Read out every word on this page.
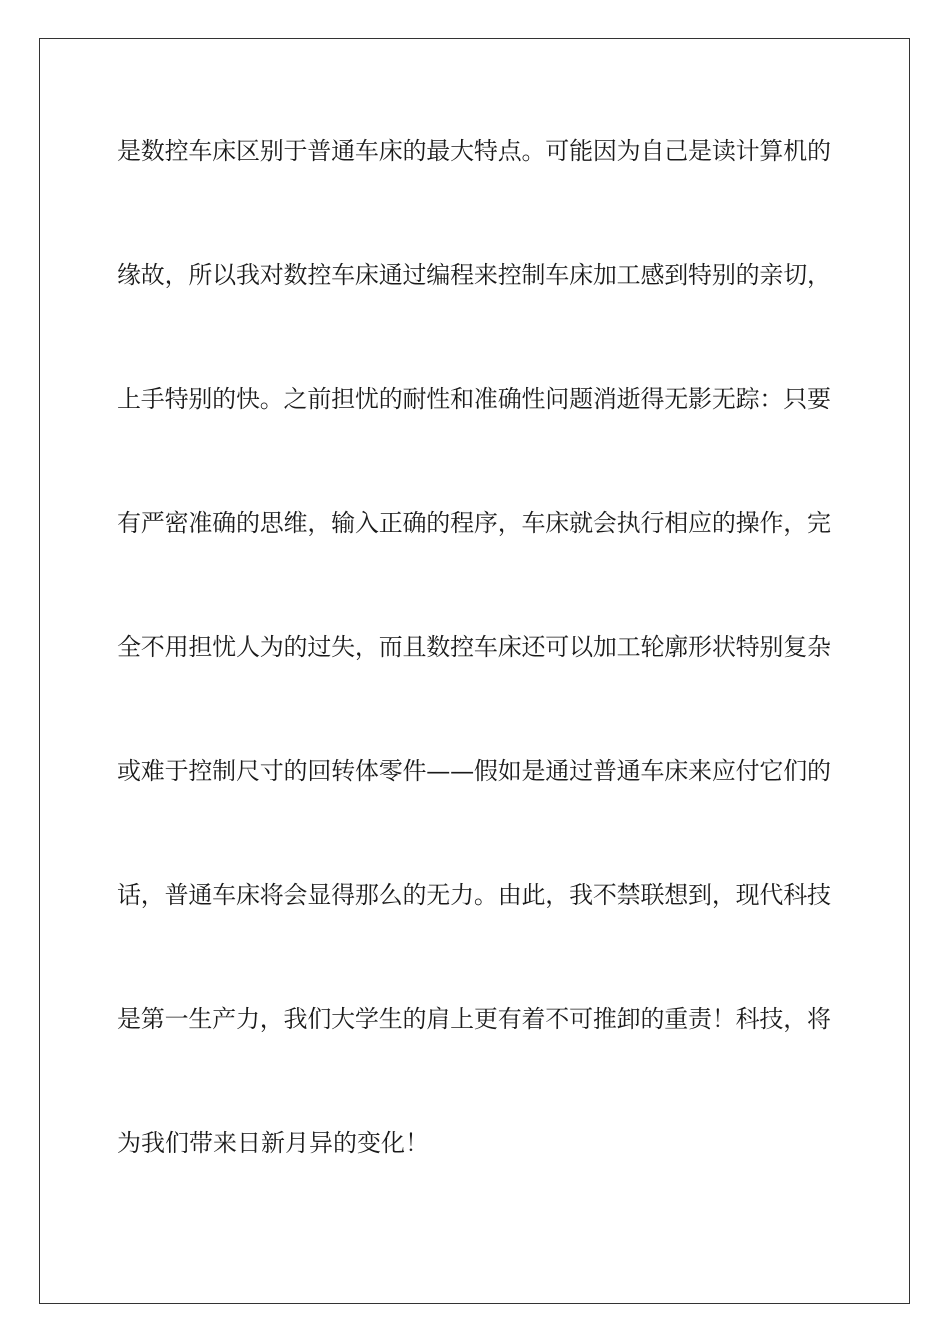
是数控车床区别于普通车床的最大特点。可能因为自己是读计算机的
缘故，所以我对数控车床通过编程来控制车床加工感到特别的亲切，
上手特别的快。之前担忧的耐性和准确性问题消逝得无影无踪：只要
有严密准确的思维，输入正确的程序，车床就会执行相应的操作，完
全不用担忧人为的过失，而且数控车床还可以加工轮廓形状特别复杂
或难于控制尺寸的回转体零件——假如是通过普通车床来应付它们的
话，普通车床将会显得那么的无力。由此，我不禁联想到，现代科技
是第一生产力，我们大学生的肩上更有着不可推卸的重责！科技，将
为我们带来日新月异的变化！
